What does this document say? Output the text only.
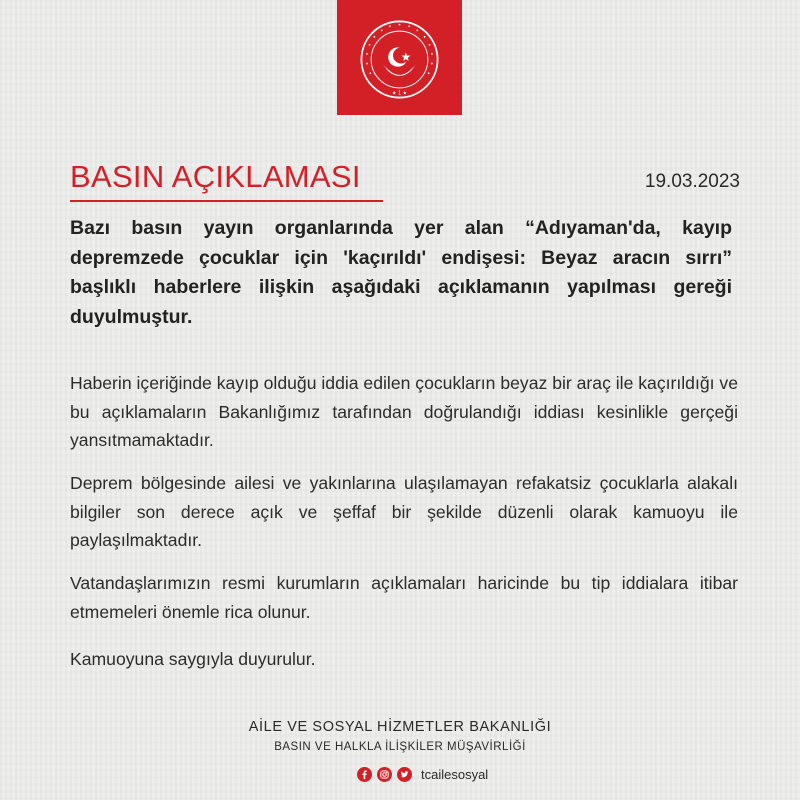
★ 1 ★
BASIN AÇIKLAMASI	19.03.2023

Bazı basın yayın organlarında yer alan “Adıyaman'da, kayıp depremzede çocuklar için 'kaçırıldı' endişesi: Beyaz aracın sırrı” başlıklı haberlere ilişkin aşağıdaki açıklamanın yapılması gereği duyulmuştur.

Haberin içeriğinde kayıp olduğu iddia edilen çocukların beyaz bir araç ile kaçırıldığı ve bu açıklamaların Bakanlığımız tarafından doğrulandığı iddiası kesinlikle gerçeği yansıtmamaktadır.

Deprem bölgesinde ailesi ve yakınlarına ulaşılamayan refakatsiz çocuklarla alakalı bilgiler son derece açık ve şeffaf bir şekilde düzenli olarak kamuoyu ile paylaşılmaktadır.

Vatandaşlarımızın resmi kurumların açıklamaları haricinde bu tip iddialara itibar etmemeleri önemle rica olunur.

Kamuoyuna saygıyla duyurulur.

AİLE VE SOSYAL HİZMETLER BAKANLIĞI
BASIN VE HALKLA İLİŞKİLER MÜŞAVİRLİĞİ
tcailesosyal
